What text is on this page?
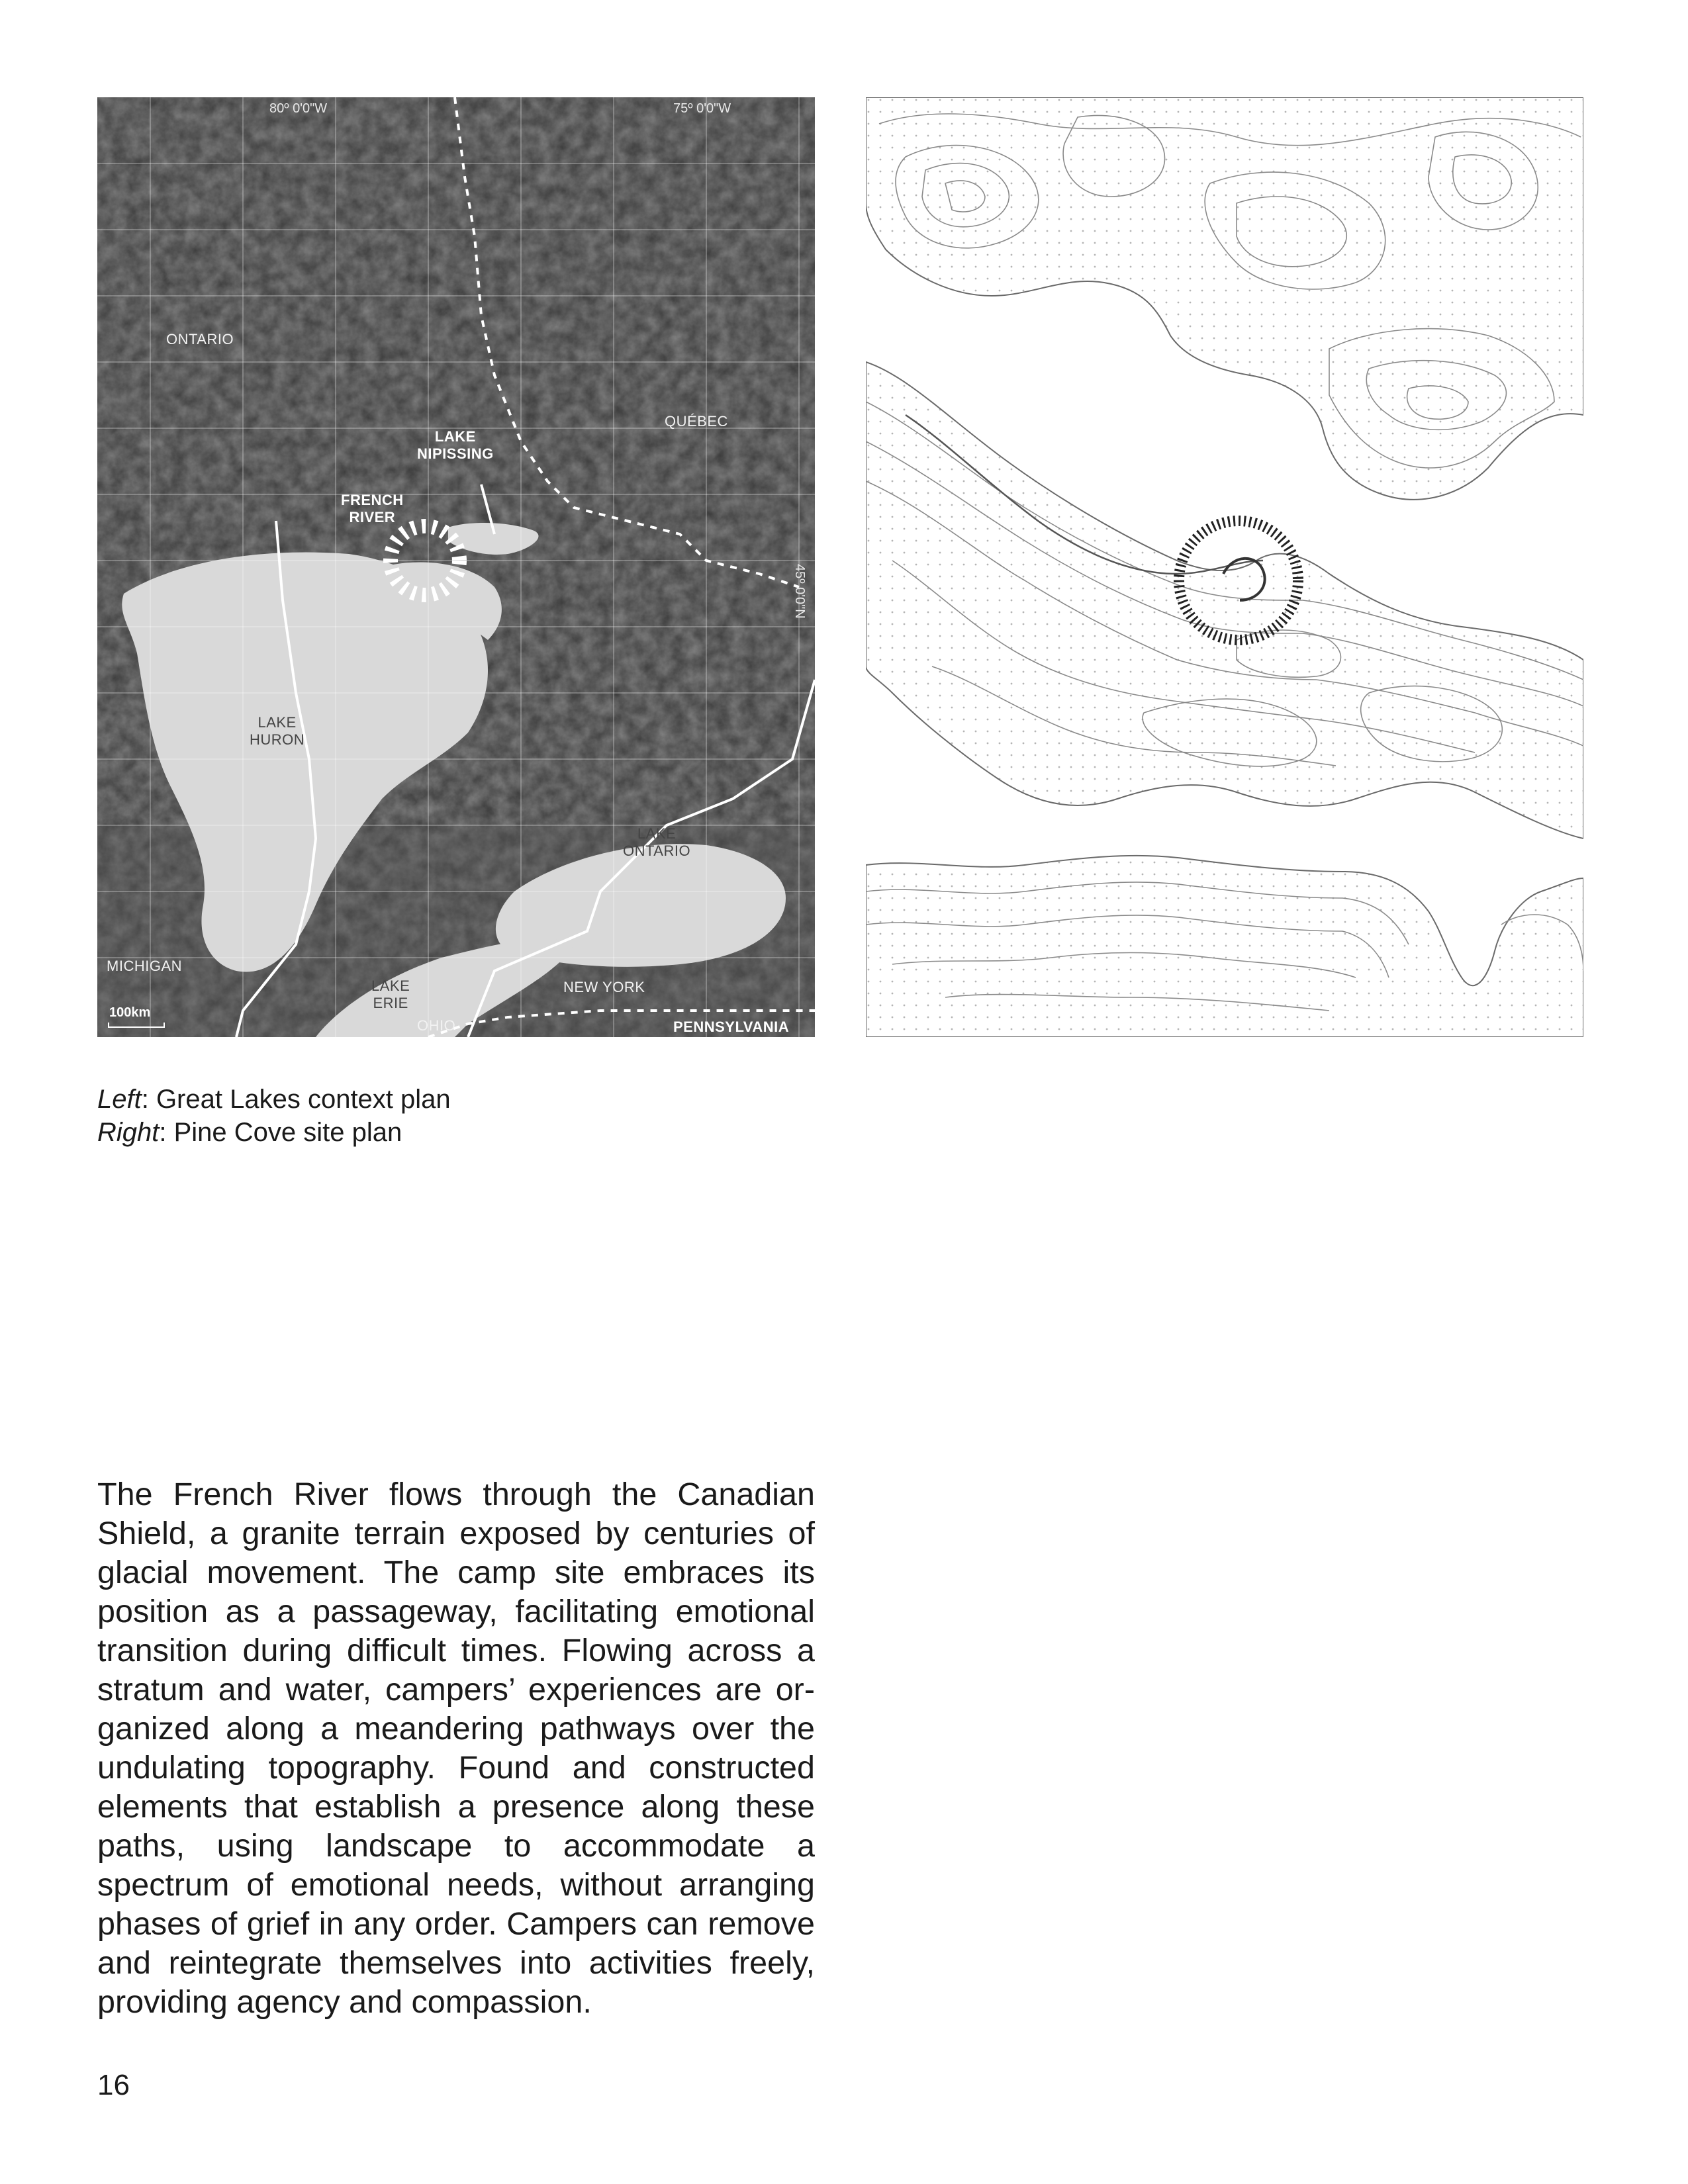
80º 0'0"W	75º 0'0"W
45º 0'0"N
ONTARIO
QUÉBEC
LAKE
NIPISSING
FRENCH
RIVER
LAKE
HURON
LAKE
ONTARIO
LAKE
ERIE
MICHIGAN
NEW YORK
OHIO	PENNSYLVANIA
100km
Left: Great Lakes context plan
Right: Pine Cove site plan

The French River flows through the Canadian Shield, a granite terrain exposed by centuries of glacial movement. The camp site embraces its position as a passageway, facilitating emotional transition during difficult times. Flowing across a stratum and water, campers’ experiences are organized along a meandering pathways over the undulating topography. Found and constructed elements that establish a presence along these paths, using landscape to accommodate a spectrum of emotional needs, without arranging phases of grief in any order. Campers can remove and reintegrate themselves into activities freely, providing agency and compassion.

16
